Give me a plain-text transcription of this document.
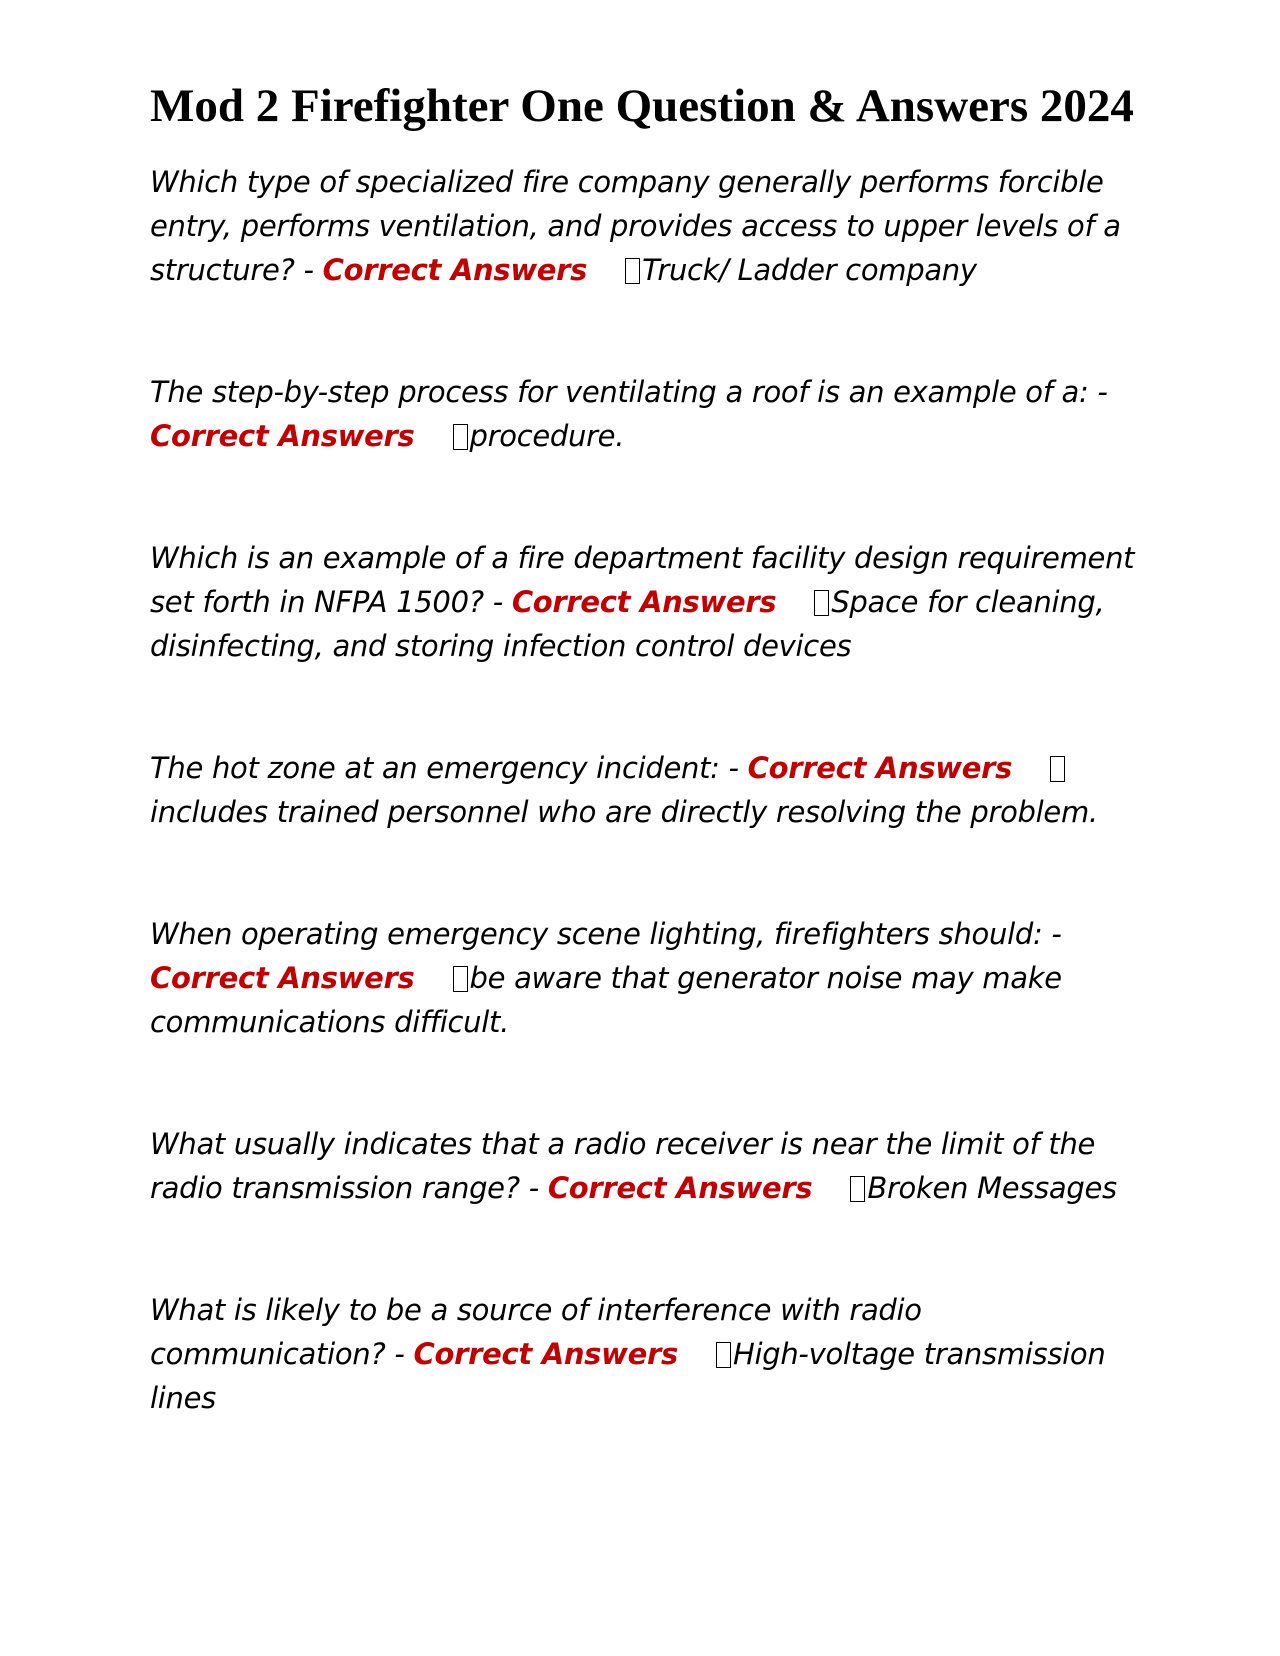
Mod 2 Firefighter One Question & Answers 2024

Which type of specialized fire company generally performs forcible entry, performs ventilation, and provides access to upper levels of a structure? - Correct Answers Truck/ Ladder company

The step-by-step process for ventilating a roof is an example of a: - Correct Answers procedure.

Which is an example of a fire department facility design requirement set forth in NFPA 1500? - Correct Answers Space for cleaning, disinfecting, and storing infection control devices

The hot zone at an emergency incident: - Correct Answersincludes trained personnel who are directly resolving the problem.

When operating emergency scene lighting, firefighters should: - Correct Answers be aware that generator noise may make communications difficult.

What usually indicates that a radio receiver is near the limit of the radio transmission range? - Correct Answers Broken Messages

What is likely to be a source of interference with radio communication? - Correct Answers High-voltage transmission lines
